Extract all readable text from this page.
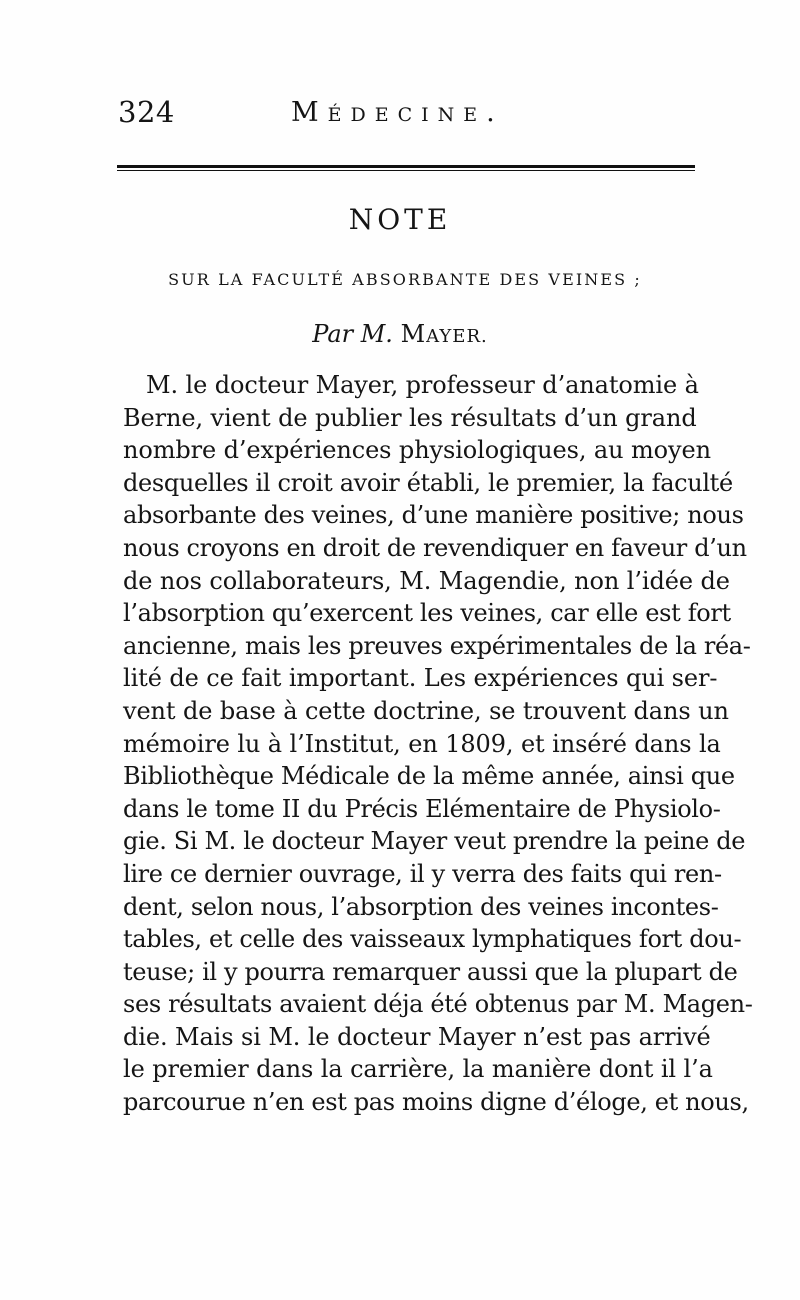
324	Médecine.
NOTE
SUR LA FACULTÉ ABSORBANTE DES VEINES ;
Par M. MAYER.
M. le docteur Mayer, professeur d’anatomie à
Berne, vient de publier les résultats d’un grand
nombre d’expériences physiologiques, au moyen
desquelles il croit avoir établi, le premier, la faculté
absorbante des veines, d’une manière positive; nous
nous croyons en droit de revendiquer en faveur d’un
de nos collaborateurs, M. Magendie, non l’idée de
l’absorption qu’exercent les veines, car elle est fort
ancienne, mais les preuves expérimentales de la réa-
lité de ce fait important. Les expériences qui ser-
vent de base à cette doctrine, se trouvent dans un
mémoire lu à l’Institut, en 1809, et inséré dans la
Bibliothèque Médicale de la même année, ainsi que
dans le tome II du Précis Elémentaire de Physiolo-
gie. Si M. le docteur Mayer veut prendre la peine de
lire ce dernier ouvrage, il y verra des faits qui ren-
dent, selon nous, l’absorption des veines incontes-
tables, et celle des vaisseaux lymphatiques fort dou-
teuse; il y pourra remarquer aussi que la plupart de
ses résultats avaient déja été obtenus par M. Magen-
die. Mais si M. le docteur Mayer n’est pas arrivé
le premier dans la carrière, la manière dont il l’a
parcourue n’en est pas moins digne d’éloge, et nous,
